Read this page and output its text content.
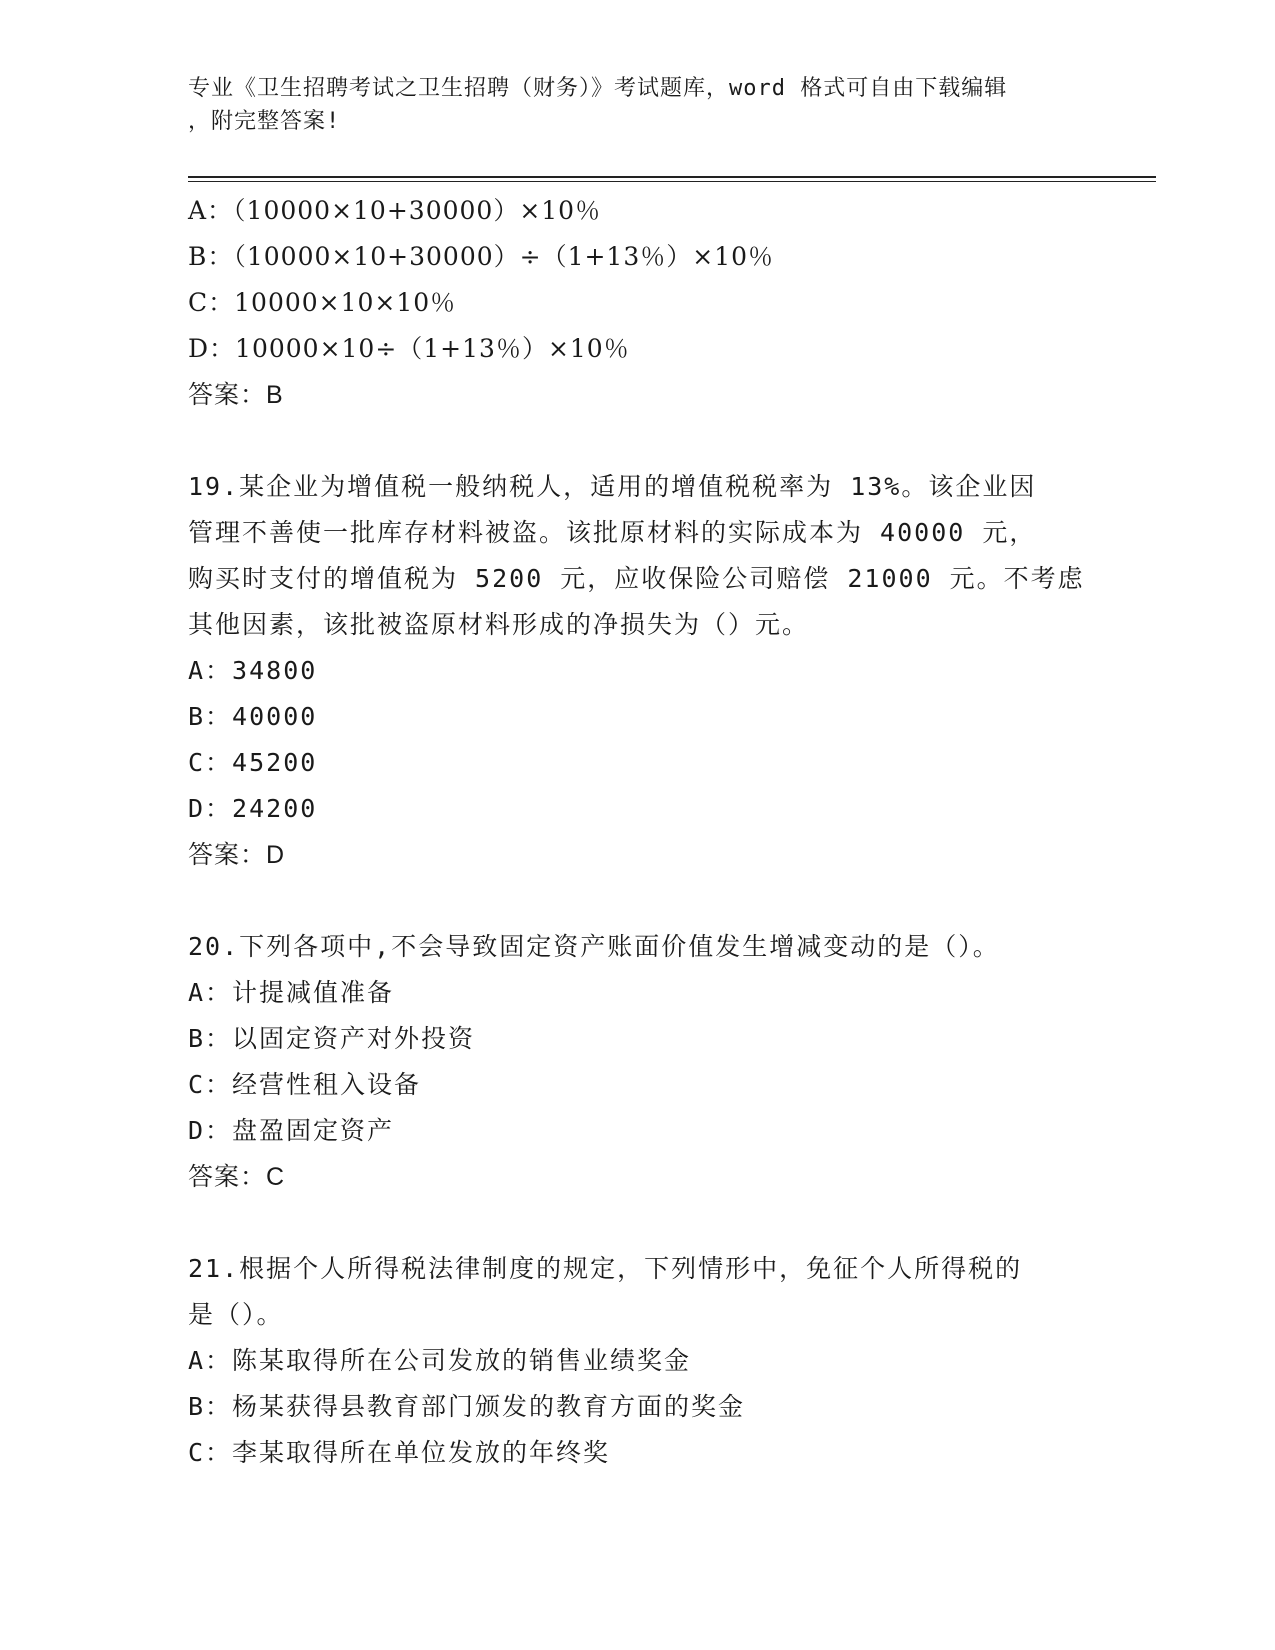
专业《卫生招聘考试之卫生招聘（财务）》考试题库，word 格式可自由下载编辑
，附完整答案!
A：（10000×10+30000）×10％
B：（10000×10+30000）÷（1+13％）×10％
C：10000×10×10％
D：10000×10÷（1+13％）×10％
答案：B
19.某企业为增值税一般纳税人，适用的增值税税率为 13%。该企业因
管理不善使一批库存材料被盗。该批原材料的实际成本为 40000 元，
购买时支付的增值税为 5200 元，应收保险公司赔偿 21000 元。不考虑
其他因素，该批被盗原材料形成的净损失为（）元。
A：34800
B：40000
C：45200
D：24200
答案：D
20.下列各项中,不会导致固定资产账面价值发生增减变动的是（）。
A：计提减值准备
B：以固定资产对外投资
C：经营性租入设备
D：盘盈固定资产
答案：C
21.根据个人所得税法律制度的规定，下列情形中，免征个人所得税的
是（）。
A：陈某取得所在公司发放的销售业绩奖金
B：杨某获得县教育部门颁发的教育方面的奖金
C：李某取得所在单位发放的年终奖
